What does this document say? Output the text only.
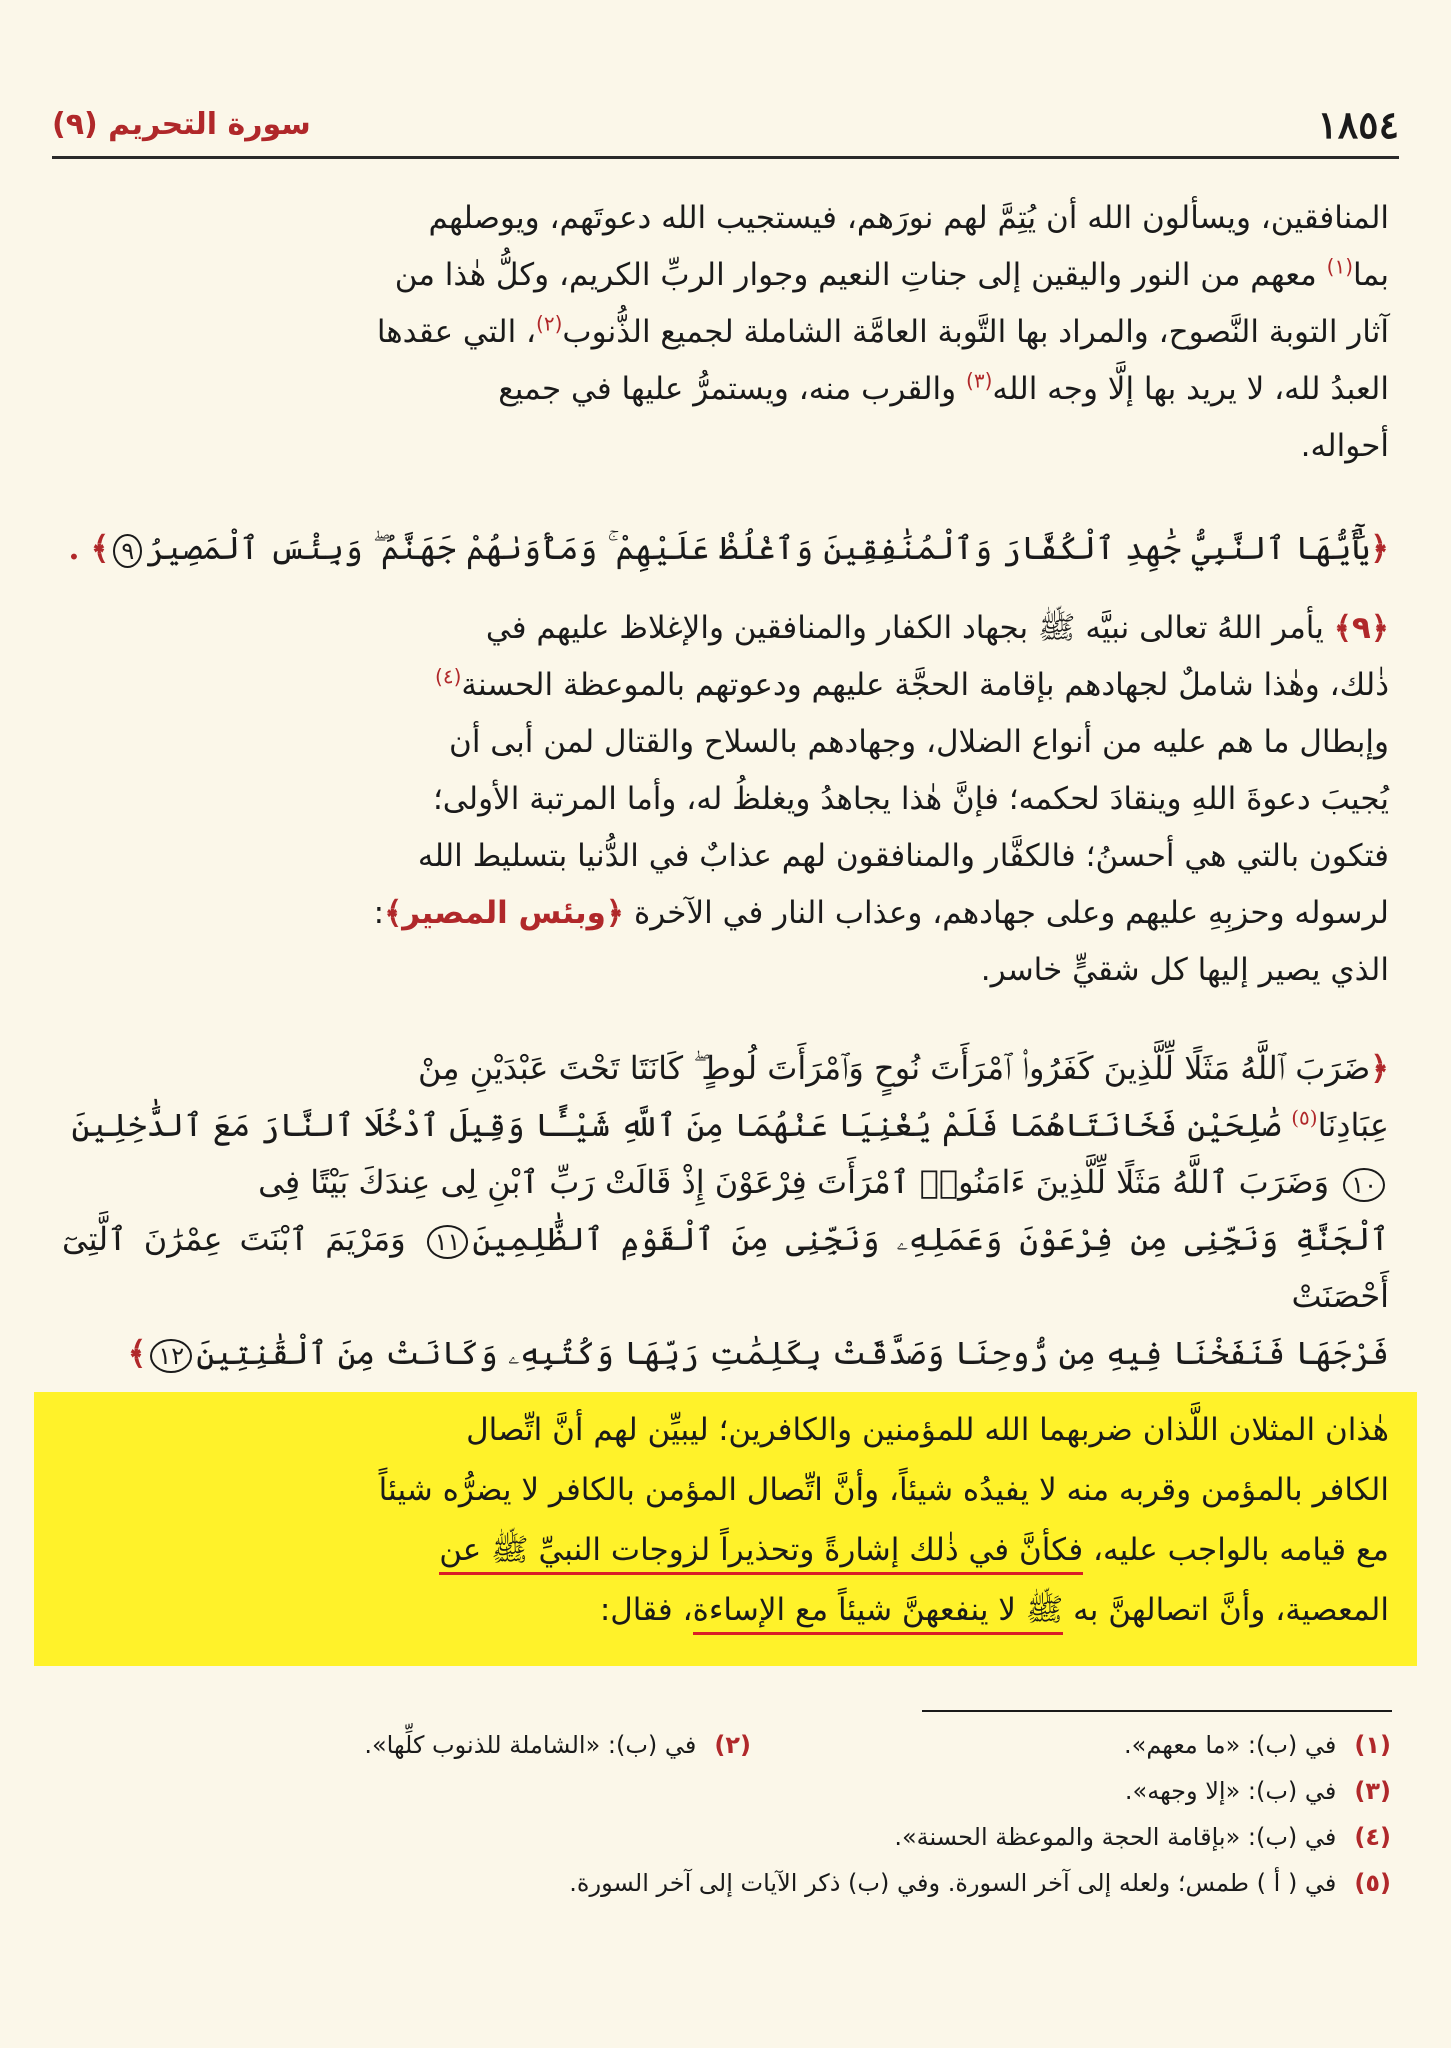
١٨٥٤
سورة التحريم (٩)
المنافقين، ويسألون الله أن يُتِمَّ لهم نورَهم، فيستجيب الله دعوتَهم، ويوصلهم
بما$^{(١)}$ معهم من النور واليقين إلى جناتِ النعيم وجوار الربِّ الكريم، وكلُّ هٰذا من
آثار التوبة النَّصوح، والمراد بها التَّوبة العامَّة الشاملة لجميع الذُّنوب$^{(٢)}$، التي عقدها
العبدُ لله، لا يريد بها إلَّا وجه الله$^{(٣)}$ والقرب منه، ويستمرُّ عليها في جميع
أحواله.
﴿يَٰٓأَيُّهَا ٱلنَّبِيُّ جَٰهِدِ ٱلْكُفَّارَ وَٱلْمُنَٰفِقِينَ وَٱغْلُظْ عَلَيْهِمْ ۚ وَمَأْوَىٰهُمْ جَهَنَّمُ ۖ وَبِئْسَ ٱلْمَصِيرُ٩﴾ .
﴿٩﴾ يأمر اللهُ تعالى نبيَّه ﷺ بجهاد الكفار والمنافقين والإغلاظ عليهم في
ذٰلك، وهٰذا شاملٌ لجهادهم بإقامة الحجَّة عليهم ودعوتهم بالموعظة الحسنة$^{(٤)}$
وإبطال ما هم عليه من أنواع الضلال، وجهادهم بالسلاح والقتال لمن أبى أن
يُجيبَ دعوةَ اللهِ وينقادَ لحكمه؛ فإنَّ هٰذا يجاهدُ ويغلظُ له، وأما المرتبة الأولى؛
فتكون بالتي هي أحسنُ؛ فالكفَّار والمنافقون لهم عذابٌ في الدُّنيا بتسليط الله
لرسوله وحزبِهِ عليهم وعلى جهادهم، وعذاب النار في الآخرة ﴿وبئس المصير﴾:
الذي يصير إليها كل شقيٍّ خاسر.
﴿ضَرَبَ ٱللَّهُ مَثَلًا لِّلَّذِينَ كَفَرُوا۟ ٱمْرَأَتَ نُوحٍ وَٱمْرَأَتَ لُوطٍ ۖ كَانَتَا تَحْتَ عَبْدَيْنِ مِنْ
عِبَادِنَا$^{(٥)}$ صَٰلِحَيْنِ فَخَانَتَاهُمَا فَلَمْ يُغْنِيَا عَنْهُمَا مِنَ ٱللَّهِ شَيْـًٔا وَقِيلَ ٱدْخُلَا ٱلنَّارَ مَعَ ٱلدَّٰخِلِينَ
١٠ وَضَرَبَ ٱللَّهُ مَثَلًا لِّلَّذِينَ ءَامَنُوا۟ ٱمْرَأَتَ فِرْعَوْنَ إِذْ قَالَتْ رَبِّ ٱبْنِ لِى عِندَكَ بَيْتًا فِى
ٱلْجَنَّةِ وَنَجِّنِى مِن فِرْعَوْنَ وَعَمَلِهِۦ وَنَجِّنِى مِنَ ٱلْقَوْمِ ٱلظَّٰلِمِينَ١١ وَمَرْيَمَ ٱبْنَتَ عِمْرَٰنَ ٱلَّتِىٓ أَحْصَنَتْ
فَرْجَهَا فَنَفَخْنَا فِيهِ مِن رُّوحِنَا وَصَدَّقَتْ بِكَلِمَٰتِ رَبِّهَا وَكُتُبِهِۦ وَكَانَتْ مِنَ ٱلْقَٰنِتِينَ١٢﴾
هٰذان المثلان اللَّذان ضربهما الله للمؤمنين والكافرين؛ ليبيِّن لهم أنَّ اتِّصال
الكافر بالمؤمن وقربه منه لا يفيدُه شيئاً، وأنَّ اتِّصال المؤمن بالكافر لا يضرُّه شيئاً
مع قيامه بالواجب عليه، فكأنَّ في ذٰلك إشارةً وتحذيراً لزوجات النبيِّ ﷺ عن
المعصية، وأنَّ اتصالهنَّ به ﷺ لا ينفعهنَّ شيئاً مع الإساءة، فقال:
(١)
في (ب): «ما معهم».
(٢)
في (ب): «الشاملة للذنوب كلِّها».
(٣)
في (ب): «إلا وجهه».
(٤)
في (ب): «بإقامة الحجة والموعظة الحسنة».
(٥)
في ( أ ) طمس؛ ولعله إلى آخر السورة. وفي (ب) ذكر الآيات إلى آخر السورة.
